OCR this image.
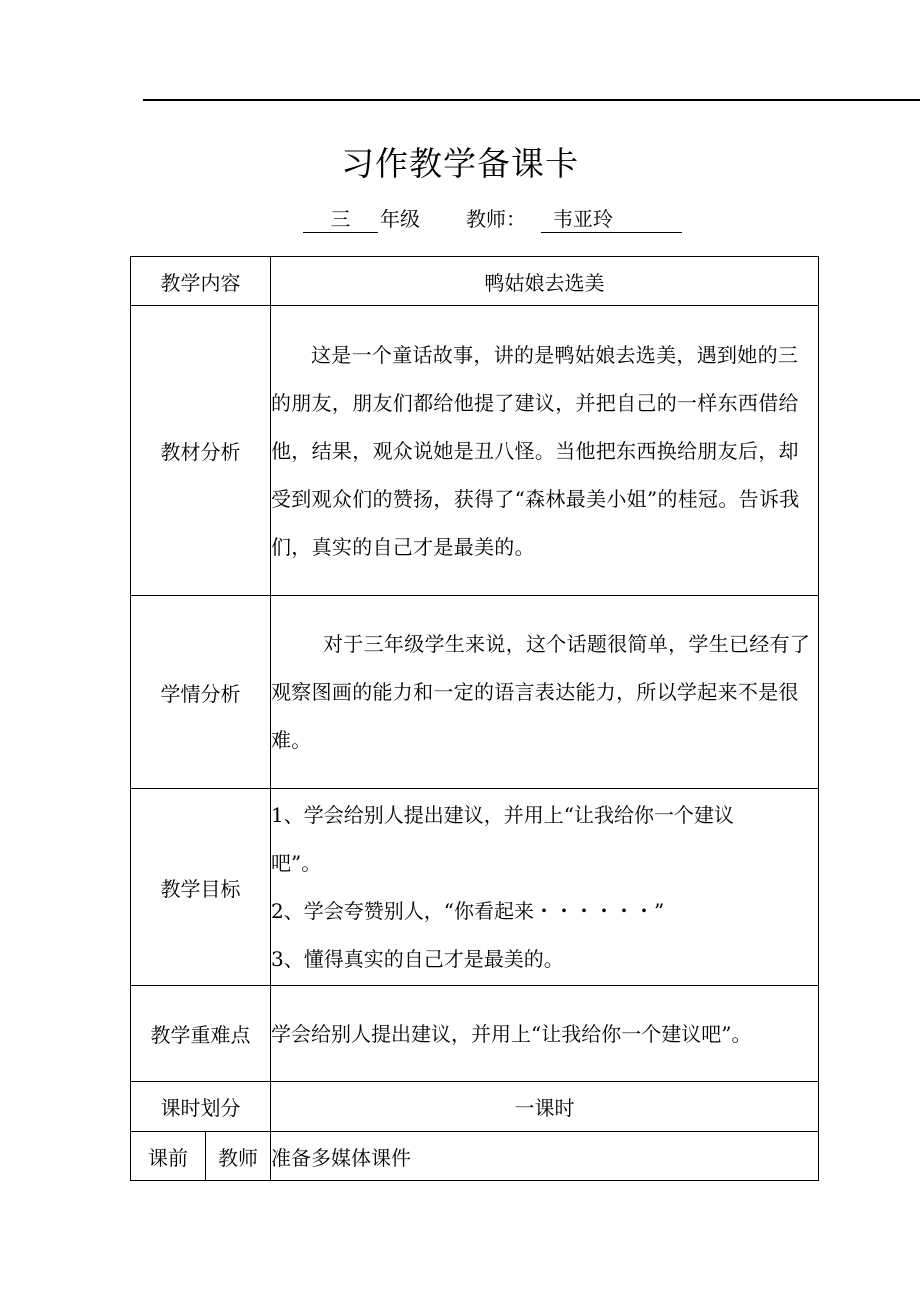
习作教学备课卡
三	年级 教师：	韦亚玲
教学内容		鸭姑娘去选美
教材分析		这是一个童话故事，讲的是鸭姑娘去选美，遇到她的三的朋友，朋友们都给他提了建议，并把自己的一样东西借给他，结果，观众说她是丑八怪。当他把东西换给朋友后，却受到观众们的赞扬，获得了“森林最美小姐”的桂冠。告诉我们，真实的自己才是最美的。
学情分析		对于三年级学生来说，这个话题很简单，学生已经有了观察图画的能力和一定的语言表达能力，所以学起来不是很难。
教学目标		1、学会给别人提出建议，并用上“让我给你一个建议
吧”。
2、学会夸赞别人，“你看起来・・・・・・”
3、懂得真实的自己才是最美的。

教学重难点		学会给别人提出建议，并用上“让我给你一个建议吧”。
课时划分		一课时
课前	教师	准备多媒体课件
